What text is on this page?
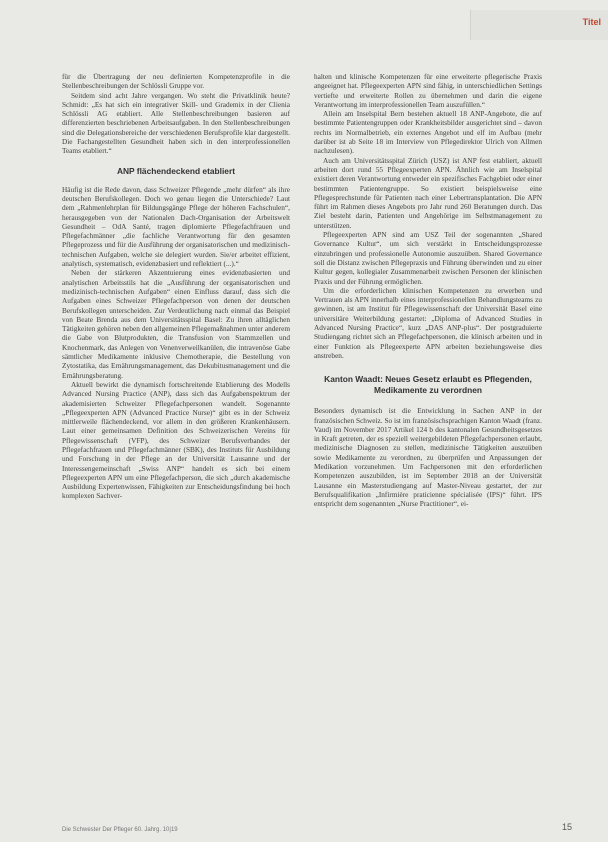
Titel

für die Übertragung der neu definierten Kompetenzprofile in die Stellenbeschreibungen der Schlössli Gruppe vor.

Seitdem sind acht Jahre vergangen. Wo steht die Privatklinik heute? Schmidt: „Es hat sich ein integrativer Skill- und Grademix in der Clienia Schlössli AG etabliert. Alle Stellenbeschreibungen basieren auf differenzierten beschriebenen Arbeitsaufgaben. In den Stellenbeschreibungen sind die Delegationsbereiche der verschiedenen Berufsprofile klar dargestellt. Die Fachangestellten Gesundheit haben sich in den interprofessionellen Teams etabliert.“

ANP flächendeckend etabliert

Häufig ist die Rede davon, dass Schweizer Pflegende „mehr dürfen“ als ihre deutschen Berufskollegen. Doch wo genau liegen die Unterschiede? Laut dem „Rahmenlehrplan für Bildungsgänge Pflege der höheren Fachschulen“, herausgegeben von der Nationalen Dach-Organisation der Arbeitswelt Gesundheit – OdA Santé, tragen diplomierte Pflegefachfrauen und Pflegefachmänner „die fachliche Verantwortung für den gesamten Pflegeprozess und für die Ausführung der organisatorischen und medizinisch-technischen Aufgaben, welche sie delegiert wurden. Sie/er arbeitet effizient, analytisch, systematisch, evidenzbasiert und reflektiert (...).“

Neben der stärkeren Akzentuierung eines evidenzbasierten und analytischen Arbeitsstils hat die „Ausführung der organisatorischen und medizinisch-technischen Aufgaben“ einen Einfluss darauf, dass sich die Aufgaben eines Schweizer Pflegefachperson von denen der deutschen Berufskollegen unterscheiden. Zur Verdeutlichung nach einmal das Beispiel von Beate Brenda aus dem Universitätsspital Basel: Zu ihren alltäglichen Tätigkeiten gehören neben den allgemeinen Pflegemaßnahmen unter anderem die Gabe von Blutprodukten, die Transfusion von Stammzellen und Knochenmark, das Anlegen von Venenverweilkanülen, die intravenöse Gabe sämtlicher Medikamente inklusive Chemotherapie, die Bestellung von Zytostatika, das Ernährungsmanagement, das Dekubitusmanagement und die Ernährungsberatung.

Aktuell bewirkt die dynamisch fortschreitende Etablierung des Modells Advanced Nursing Practice (ANP), dass sich das Aufgabenspektrum der akademisierten Schweizer Pflegefachpersonen wandelt. Sogenannte „Pflegeexperten APN (Advanced Practice Nurse)“ gibt es in der Schweiz mittlerweile flächendeckend, vor allem in den größeren Krankenhäusern. Laut einer gemeinsamen Definition des Schweizerischen Vereins für Pflegewissenschaft (VFP), des Schweizer Berufsverbandes der Pflegefachfrauen und Pflegefachmänner (SBK), des Instituts für Ausbildung und Forschung in der Pflege an der Universität Lausanne und der Interessengemeinschaft „Swiss ANP“ handelt es sich bei einem Pflegeexperten APN um eine Pflegefachperson, die sich „durch akademische Ausbildung Expertenwissen, Fähigkeiten zur Entscheidungsfindung bei hoch komplexen Sachver-

halten und klinische Kompetenzen für eine erweiterte pflegerische Praxis angeeignet hat. Pflegeexperten APN sind fähig, in unterschiedlichen Settings vertiefte und erweiterte Rollen zu übernehmen und darin die eigene Verantwortung im interprofessionellen Team auszufüllen.“

Allein am Inselspital Bern bestehen aktuell 18 ANP-Angebote, die auf bestimmte Patientengruppen oder Krankheitsbilder ausgerichtet sind – davon rechts im Normalbetrieb, ein externes Angebot und elf im Aufbau (mehr darüber ist ab Seite 18 im Interview von Pflegedirektor Ulrich von Allmen nachzulesen).

Auch am Universitätsspital Zürich (USZ) ist ANP fest etabliert, aktuell arbeiten dort rund 55 Pflegeexperten APN. Ähnlich wie am Inselspital existiert deren Verantwortung entweder ein spezifisches Fachgebiet oder einer bestimmten Patientengruppe. So existiert beispielsweise eine Pflegesprechstunde für Patienten nach einer Lebertransplantation. Die APN führt im Rahmen dieses Angebots pro Jahr rund 260 Beratungen durch. Das Ziel besteht darin, Patienten und Angehörige im Selbstmanagement zu unterstützen.

Pflegeexperten APN sind am USZ Teil der sogenannten „Shared Governance Kultur“, um sich verstärkt in Entscheidungsprozesse einzubringen und professionelle Autonomie auszuüben. Shared Governance soll die Distanz zwischen Pflegepraxis und Führung überwinden und zu einer Kultur gegen, kollegialer Zusammenarbeit zwischen Personen der klinischen Praxis und der Führung ermöglichen.

Um die erforderlichen klinischen Kompetenzen zu erwerben und Vertrauen als APN innerhalb eines interprofessionellen Behandlungsteams zu gewinnen, ist am Institut für Pflegewissenschaft der Universität Basel eine universitäre Weiterbildung gestartet: „Diploma of Advanced Studies in Advanced Nursing Practice“, kurz „DAS ANP-plus“. Der postgraduierte Studiengang richtet sich an Pflegefachpersonen, die klinisch arbeiten und in einer Funktion als Pflegeexperte APN arbeiten beziehungsweise dies anstreben.

Kanton Waadt: Neues Gesetz erlaubt es Pflegenden, Medikamente zu verordnen

Besonders dynamisch ist die Entwicklung in Sachen ANP in der französischen Schweiz. So ist im französischsprachigen Kanton Waadt (franz. Vaud) im November 2017 Artikel 124 b des kantonalen Gesundheitsgesetzes in Kraft getreten, der es speziell weitergebildeten Pflegefachpersonen erlaubt, medizinische Diagnosen zu stellen, medizinische Tätigkeiten auszuüben sowie Medikamente zu verordnen, zu überprüfen und Anpassungen der Medikation vorzunehmen. Um Fachpersonen mit den erforderlichen Kompetenzen auszubilden, ist im September 2018 an der Universität Lausanne ein Masterstudiengang auf Master-Niveau gestartet, der zur Berufsqualifikation „Infirmière praticienne spécialisée (IPS)“ führt. IPS entspricht dem sogenannten „Nurse Practitioner“, ei-

Die Schwester Der Pfleger 60. Jahrg. 10|19	15
